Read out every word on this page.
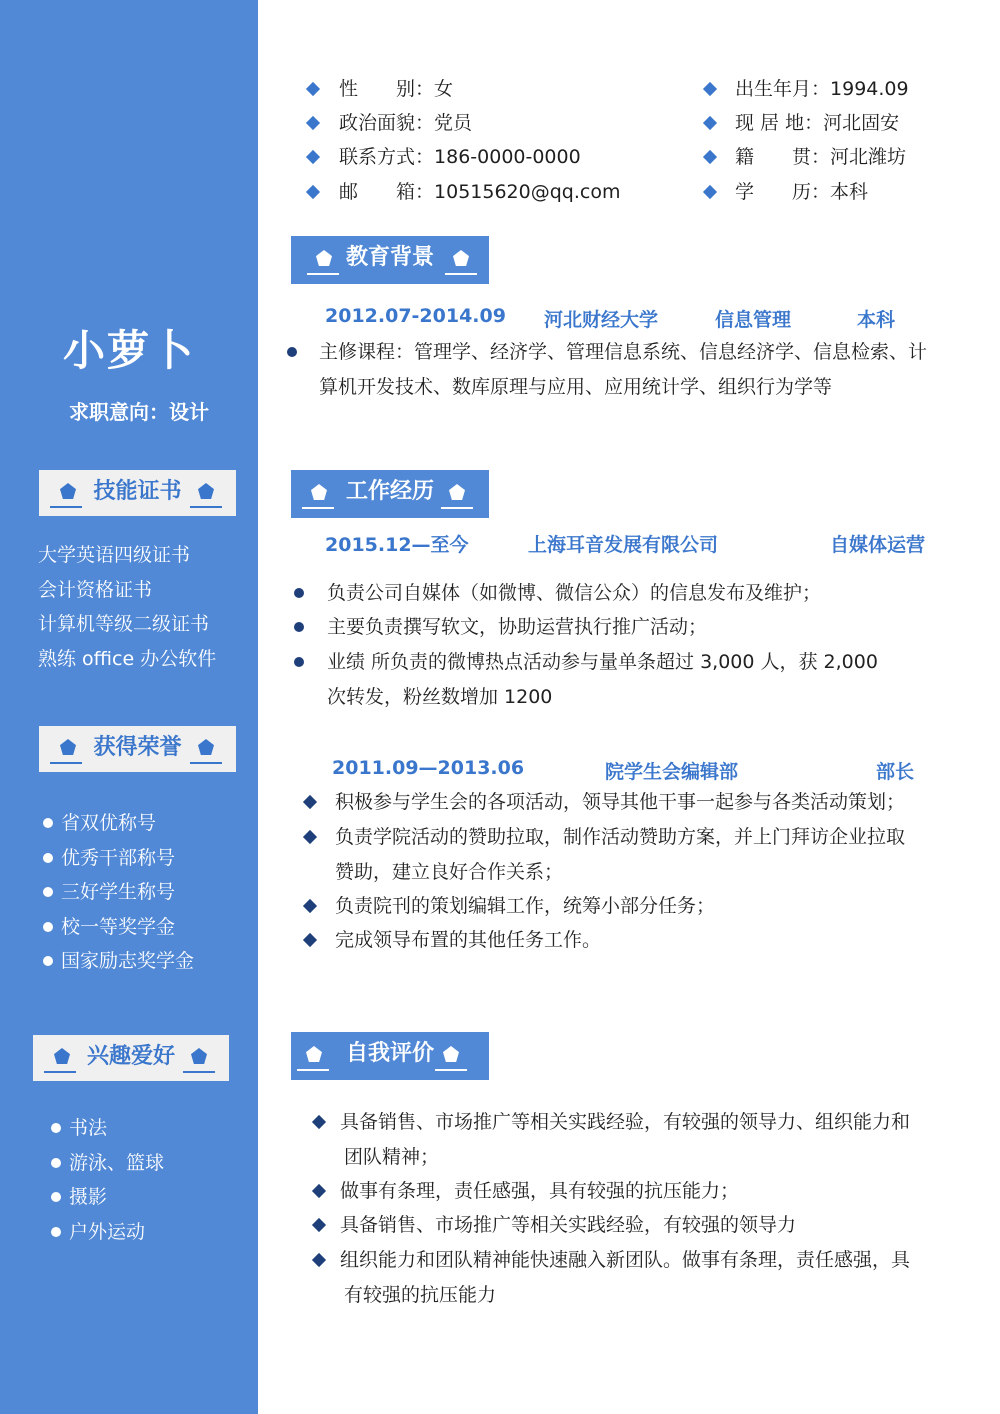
小萝卜
求职意向：设计
技能证书
大学英语四级证书
会计资格证书
计算机等级二级证书
熟练 office 办公软件
获得荣誉
省双优称号
优秀干部称号
三好学生称号
校一等奖学金
国家励志奖学金
兴趣爱好
书法
游泳、篮球
摄影
户外运动
性　　别：女	出生年月：1994.09
政治面貌：党员	现 居 地：河北固安
联系方式：186-0000-0000	籍　　贯：河北潍坊
邮　　箱：10515620@qq.com	学　　历：本科
教育背景
2012.07-2014.09 河北财经大学	信息管理	本科
主修课程：管理学、经济学、管理信息系统、信息经济学、信息检索、计
算机开发技术、数库原理与应用、应用统计学、组织行为学等
工作经历
2015.12—至今	上海耳音发展有限公司	自媒体运营
负责公司自媒体（如微博、微信公众）的信息发布及维护；
主要负责撰写软文，协助运营执行推广活动；
业绩 所负责的微博热点活动参与量单条超过 3,000 人，获 2,000
次转发，粉丝数增加 1200
2011.09—2013.06	院学生会编辑部	部长
积极参与学生会的各项活动，领导其他干事一起参与各类活动策划；
负责学院活动的赞助拉取，制作活动赞助方案，并上门拜访企业拉取
赞助，建立良好合作关系；
负责院刊的策划编辑工作，统筹小部分任务；
完成领导布置的其他任务工作。
自我评价
具备销售、市场推广等相关实践经验，有较强的领导力、组织能力和
团队精神；
做事有条理，责任感强，具有较强的抗压能力；
具备销售、市场推广等相关实践经验，有较强的领导力
组织能力和团队精神能快速融入新团队。做事有条理，责任感强，具
有较强的抗压能力
